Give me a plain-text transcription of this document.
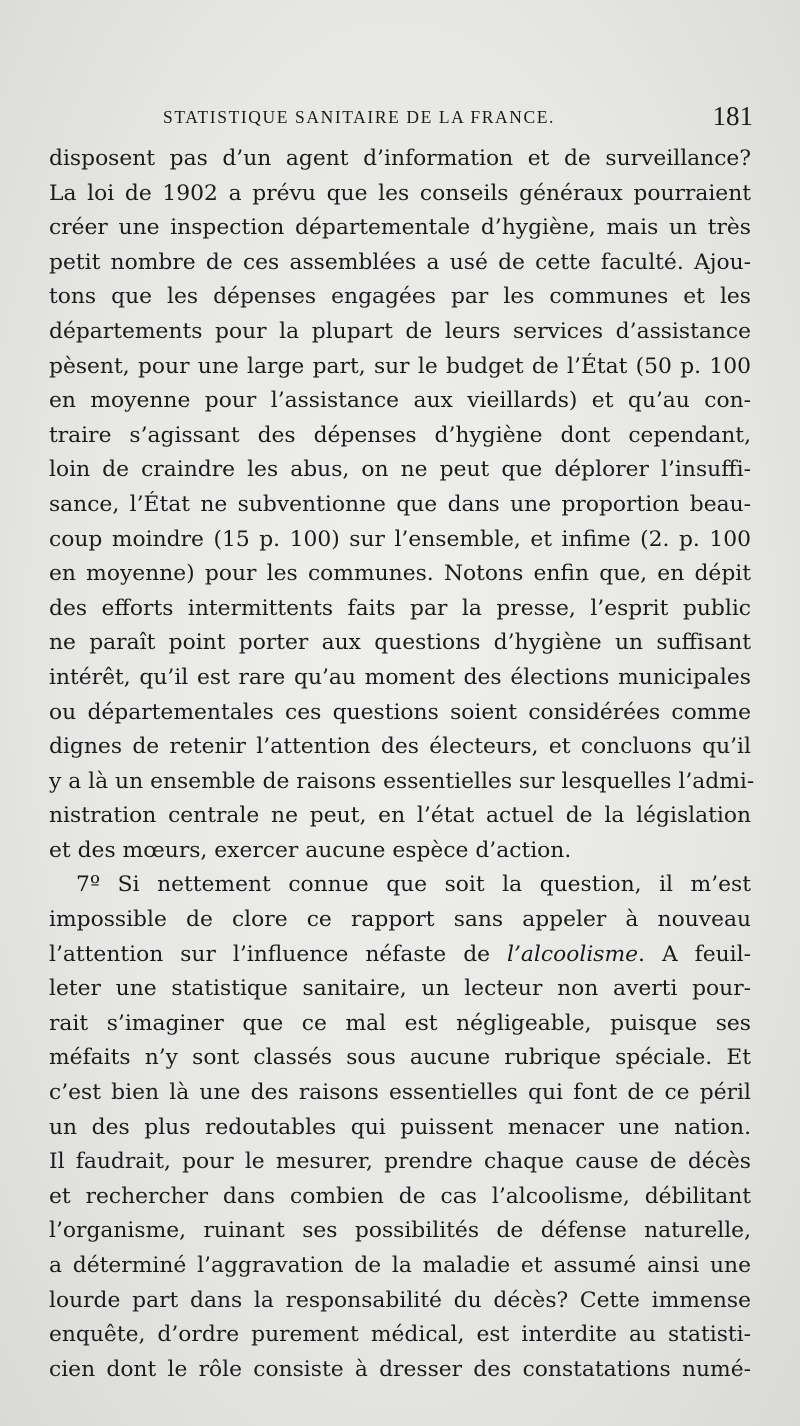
STATISTIQUE SANITAIRE DE LA FRANCE.	181
disposent pas d’un agent d’information et de surveillance?
La loi de 1902 a prévu que les conseils généraux pourraient
créer une inspection départementale d’hygiène, mais un très
petit nombre de ces assemblées a usé de cette faculté. Ajou-
tons que les dépenses engagées par les communes et les
départements pour la plupart de leurs services d’assistance
pèsent, pour une large part, sur le budget de l’État (50 p. 100
en moyenne pour l’assistance aux vieillards) et qu’au con-
traire s’agissant des dépenses d’hygiène dont cependant,
loin de craindre les abus, on ne peut que déplorer l’insuffi-
sance, l’État ne subventionne que dans une proportion beau-
coup moindre (15 p. 100) sur l’ensemble, et infime (2. p. 100
en moyenne) pour les communes. Notons enfin que, en dépit
des efforts intermittents faits par la presse, l’esprit public
ne paraît point porter aux questions d’hygiène un suffisant
intérêt, qu’il est rare qu’au moment des élections municipales
ou départementales ces questions soient considérées comme
dignes de retenir l’attention des électeurs, et concluons qu’il
y a là un ensemble de raisons essentielles sur lesquelles l’admi-
nistration centrale ne peut, en l’état actuel de la législation
et des mœurs, exercer aucune espèce d’action.
7º Si nettement connue que soit la question, il m’est
impossible de clore ce rapport sans appeler à nouveau
l’attention sur l’influence néfaste de l’alcoolisme. A feuil-
leter une statistique sanitaire, un lecteur non averti pour-
rait s’imaginer que ce mal est négligeable, puisque ses
méfaits n’y sont classés sous aucune rubrique spéciale. Et
c’est bien là une des raisons essentielles qui font de ce péril
un des plus redoutables qui puissent menacer une nation.
Il faudrait, pour le mesurer, prendre chaque cause de décès
et rechercher dans combien de cas l’alcoolisme, débilitant
l’organisme, ruinant ses possibilités de défense naturelle,
a déterminé l’aggravation de la maladie et assumé ainsi une
lourde part dans la responsabilité du décès? Cette immense
enquête, d’ordre purement médical, est interdite au statisti-
cien dont le rôle consiste à dresser des constatations numé-
